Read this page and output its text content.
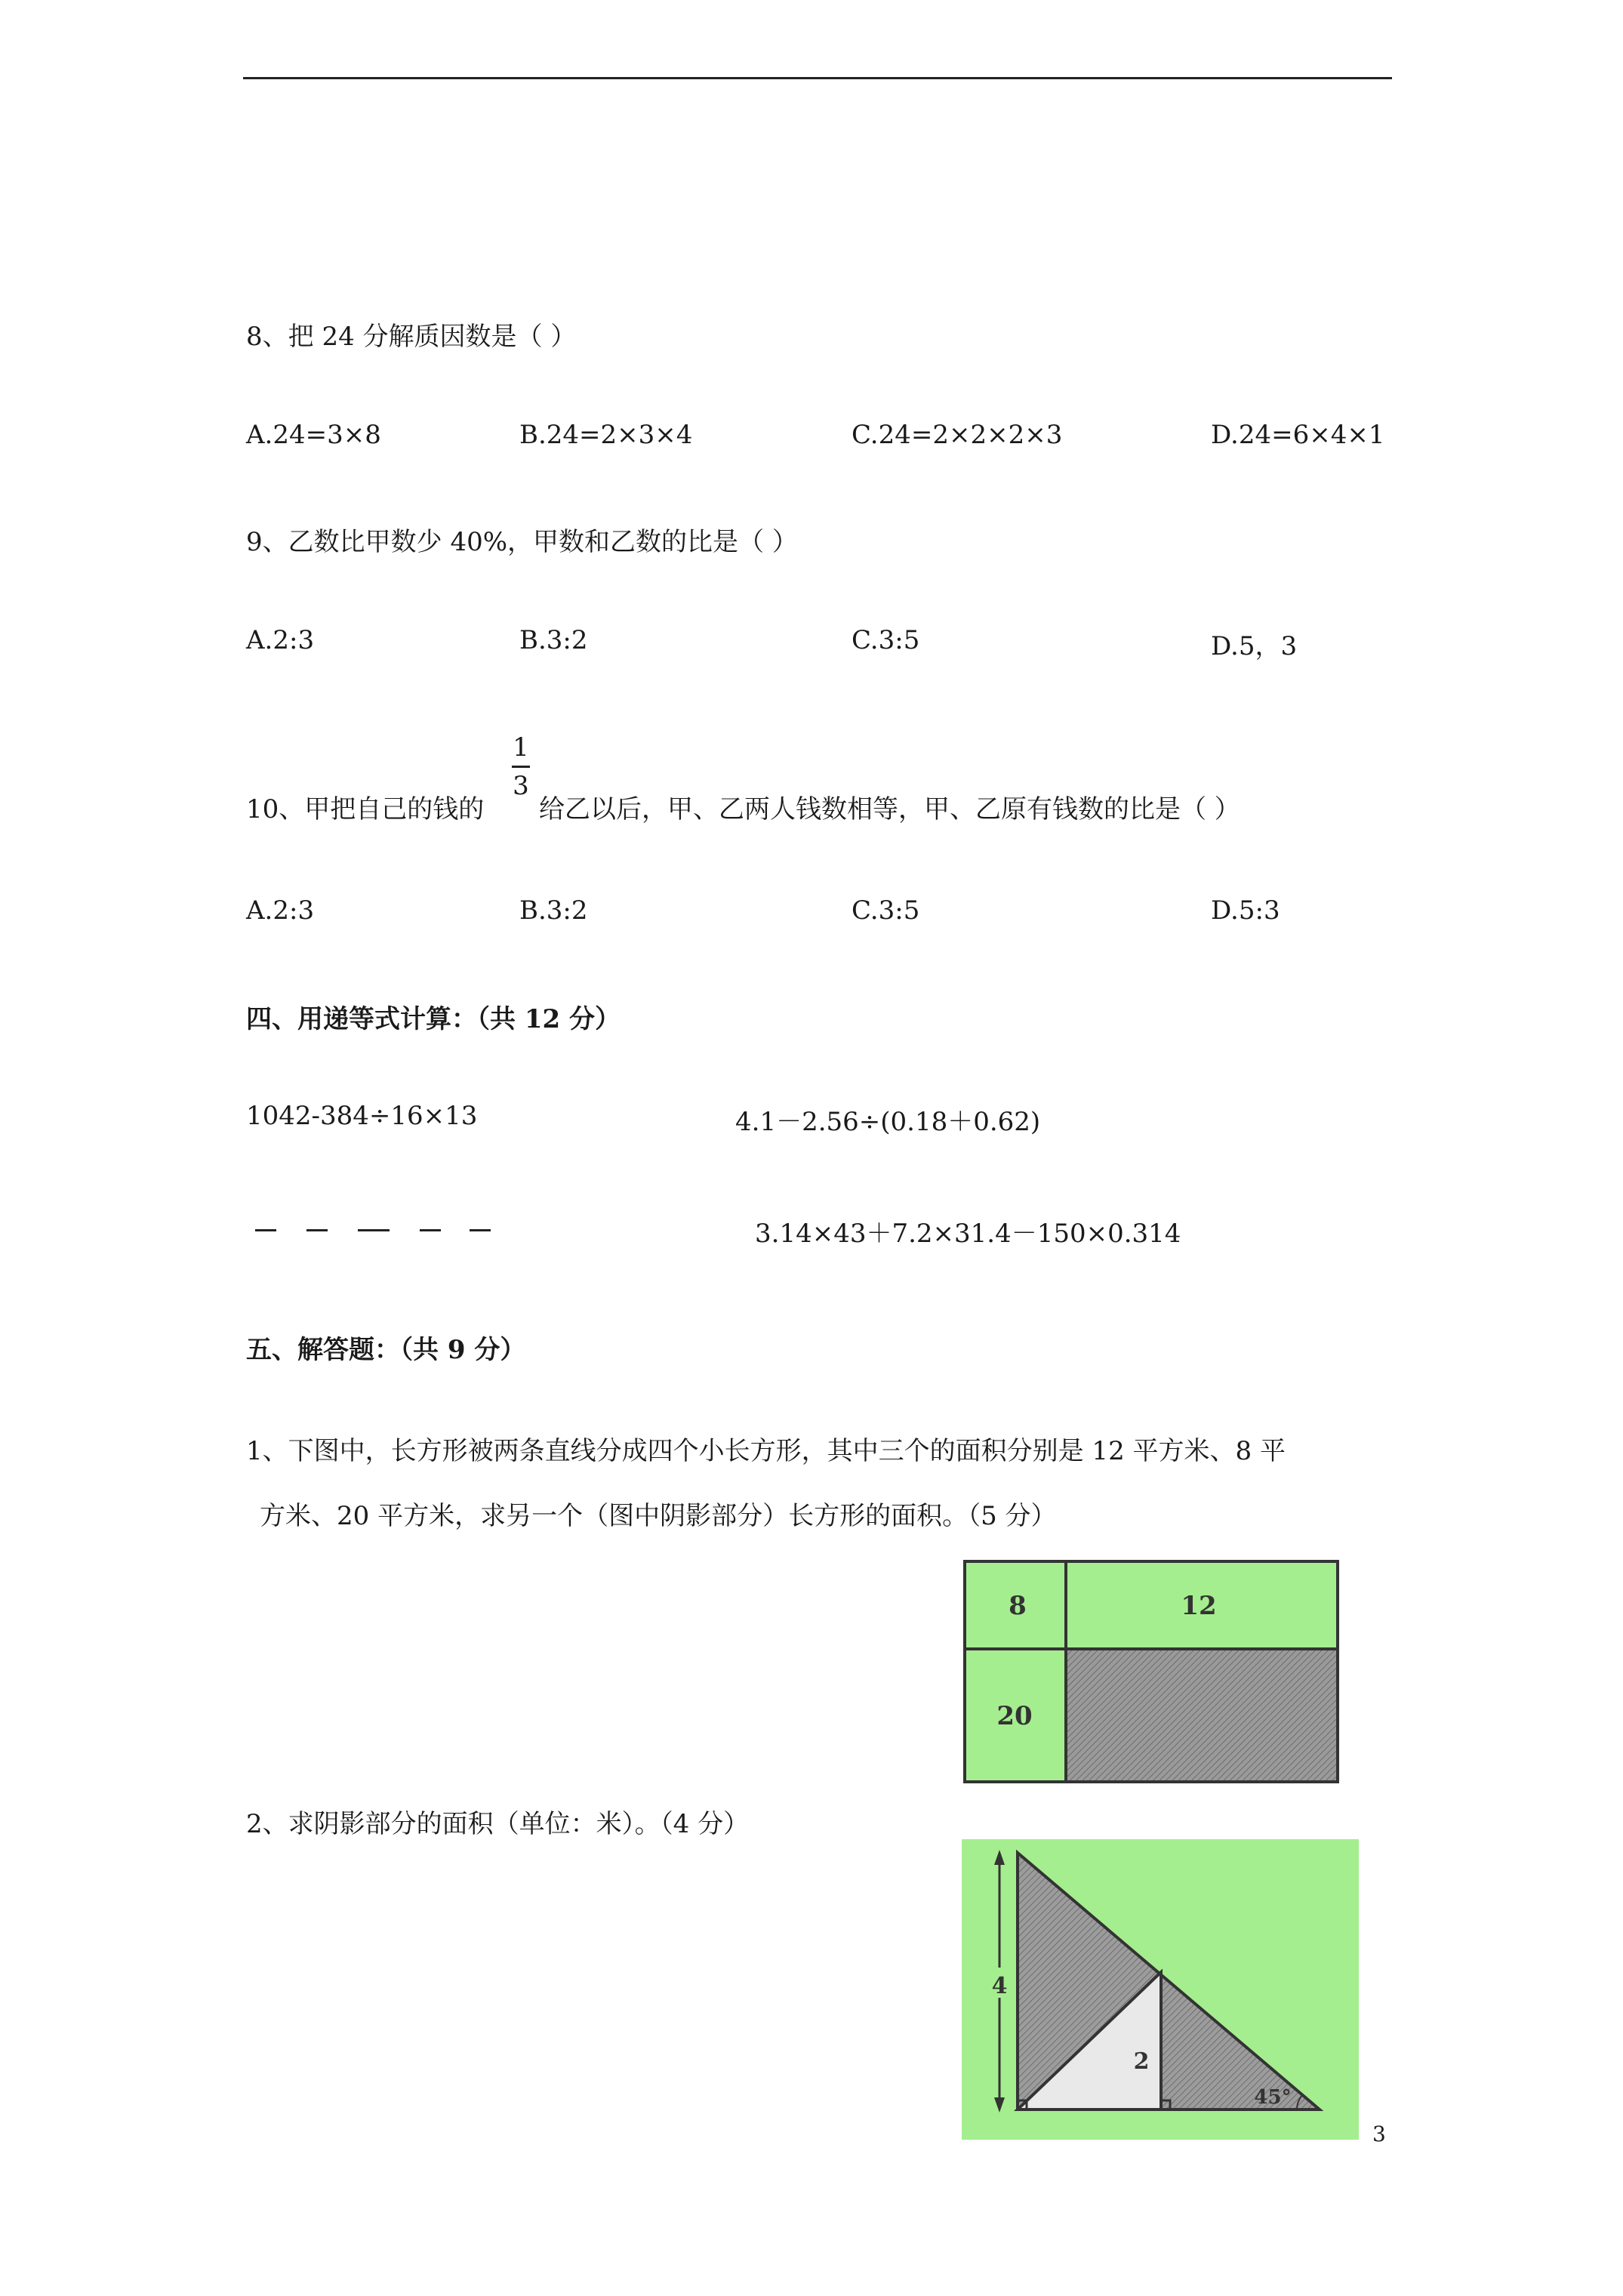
8、把 24 分解质因数是（ ）
A.24=3×8	B.24=2×3×4	C.24=2×2×2×3	D.24=6×4×1
9、乙数比甲数少 40%，甲数和乙数的比是（ ）
A.2:3	B.3:2	C.3:5	D.5，3
10、甲把自己的钱的
1
3
给乙以后，甲、乙两人钱数相等，甲、乙原有钱数的比是（ ）
A.2:3	B.3:2	C.3:5	D.5:3
四、用递等式计算：（共 12 分）
1042-384÷16×13	4.1－2.56÷(0.18＋0.62)
3.14×43＋7.2×31.4－150×0.314
五、解答题：（共 9 分）
1、下图中，长方形被两条直线分成四个小长方形，其中三个的面积分别是 12 平方米、8 平
方米、20 平方米，求另一个（图中阴影部分）长方形的面积。（5 分）
8	12
20
2、求阴影部分的面积（单位：米）。（4 分）
4
2
45°
3
